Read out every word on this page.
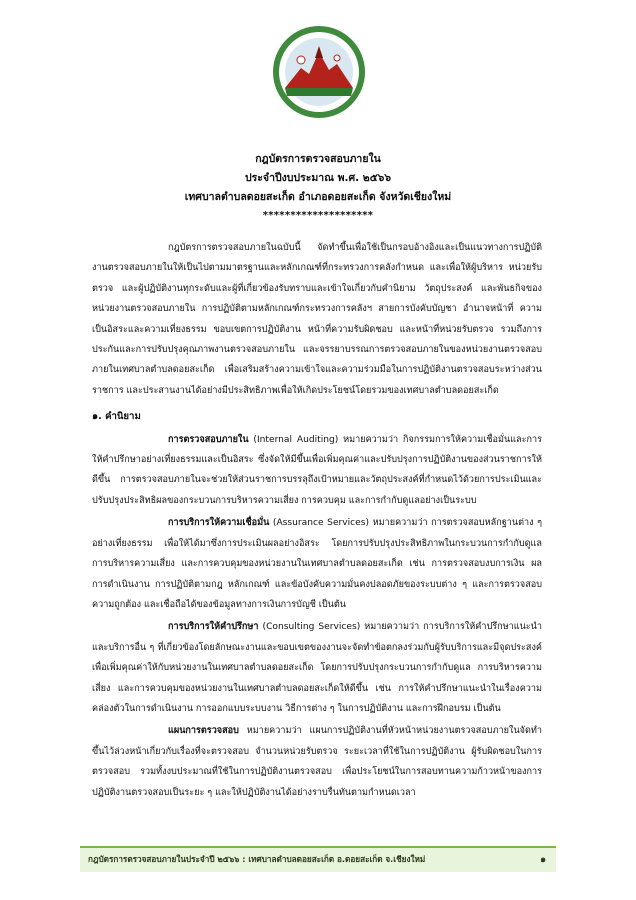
กฎบัตรการตรวจสอบภายใน
ประจำปีงบประมาณ พ.ศ. ๒๕๖๖
เทศบาลตำบลดอยสะเก็ด อำเภอดอยสะเก็ด จังหวัดเชียงใหม่
********************

กฎบัตรการตรวจสอบภายในฉบับนี้ จัดทำขึ้นเพื่อใช้เป็นกรอบอ้างอิงและเป็นแนวทางการปฏิบัติงานตรวจสอบภายในให้เป็นไปตามมาตรฐานและหลักเกณฑ์ที่กระทรวงการคลังกำหนด และเพื่อให้ผู้บริหาร หน่วยรับตรวจ และผู้ปฏิบัติงานทุกระดับและผู้ที่เกี่ยวข้องรับทราบและเข้าใจเกี่ยวกับคำนิยาม วัตถุประสงค์ และพันธกิจของหน่วยงานตรวจสอบภายใน การปฏิบัติตามหลักเกณฑ์กระทรวงการคลังฯ สายการบังคับบัญชา อำนาจหน้าที่ ความเป็นอิสระและความเที่ยงธรรม ขอบเขตการปฏิบัติงาน หน้าที่ความรับผิดชอบ และหน้าที่หน่วยรับตรวจ รวมถึงการประกันและการปรับปรุงคุณภาพงานตรวจสอบภายใน และจรรยาบรรณการตรวจสอบภายในของหน่วยงานตรวจสอบภายในเทศบาลตำบลดอยสะเก็ด เพื่อเสริมสร้างความเข้าใจและความร่วมมือในการปฏิบัติงานตรวจสอบระหว่างส่วนราชการ และประสานงานได้อย่างมีประสิทธิภาพเพื่อให้เกิดประโยชน์โดยรวมของเทศบาลตำบลดอยสะเก็ด

๑. คำนิยาม

การตรวจสอบภายใน (Internal Auditing) หมายความว่า กิจกรรมการให้ความเชื่อมั่นและการให้คำปรึกษาอย่างเที่ยงธรรมและเป็นอิสระ ซึ่งจัดให้มีขึ้นเพื่อเพิ่มคุณค่าและปรับปรุงการปฏิบัติงานของส่วนราชการให้ดีขึ้น การตรวจสอบภายในจะช่วยให้ส่วนราชการบรรลุถึงเป้าหมายและวัตถุประสงค์ที่กำหนดไว้ด้วยการประเมินและปรับปรุงประสิทธิผลของกระบวนการบริหารความเสี่ยง การควบคุม และการกำกับดูแลอย่างเป็นระบบ

การบริการให้ความเชื่อมั่น (Assurance Services) หมายความว่า การตรวจสอบหลักฐานต่าง ๆ อย่างเที่ยงธรรม เพื่อให้ได้มาซึ่งการประเมินผลอย่างอิสระ โดยการปรับปรุงประสิทธิภาพในกระบวนการกำกับดูแล การบริหารความเสี่ยง และการควบคุมของหน่วยงานในเทศบาลตำบลดอยสะเก็ด เช่น การตรวจสอบงบการเงิน ผลการดำเนินงาน การปฏิบัติตามกฎ หลักเกณฑ์ และข้อบังคับความมั่นคงปลอดภัยของระบบต่าง ๆ และการตรวจสอบความถูกต้อง และเชื่อถือได้ของข้อมูลทางการเงินการบัญชี เป็นต้น

การบริการให้คำปรึกษา (Consulting Services) หมายความว่า การบริการให้คำปรึกษาแนะนำ และบริการอื่น ๆ ที่เกี่ยวข้องโดยลักษณะงานและขอบเขตของงานจะจัดทำข้อตกลงร่วมกับผู้รับบริการและมีจุดประสงค์เพื่อเพิ่มคุณค่าให้กับหน่วยงานในเทศบาลตำบลดอยสะเก็ด โดยการปรับปรุงกระบวนการกำกับดูแล การบริหารความเสี่ยง และการควบคุมของหน่วยงานในเทศบาลตำบลดอยสะเก็ดให้ดีขึ้น เช่น การให้คำปรึกษาแนะนำในเรื่องความคล่องตัวในการดำเนินงาน การออกแบบระบบงาน วิธีการต่าง ๆ ในการปฏิบัติงาน และการฝึกอบรม เป็นต้น

แผนการตรวจสอบ หมายความว่า แผนการปฏิบัติงานที่หัวหน้าหน่วยงานตรวจสอบภายในจัดทำขึ้นไว้ล่วงหน้าเกี่ยวกับเรื่องที่จะตรวจสอบ จำนวนหน่วยรับตรวจ ระยะเวลาที่ใช้ในการปฏิบัติงาน ผู้รับผิดชอบในการตรวจสอบ รวมทั้งงบประมาณที่ใช้ในการปฏิบัติงานตรวจสอบ เพื่อประโยชน์ในการสอบทานความก้าวหน้าของการปฏิบัติงานตรวจสอบเป็นระยะ ๆ และให้ปฏิบัติงานได้อย่างราบรื่นทันตามกำหนดเวลา

กฎบัตรการตรวจสอบภายในประจำปี ๒๕๖๖ : เทศบาลตำบลดอยสะเก็ด อ.ดอยสะเก็ด จ.เชียงใหม่	๑
